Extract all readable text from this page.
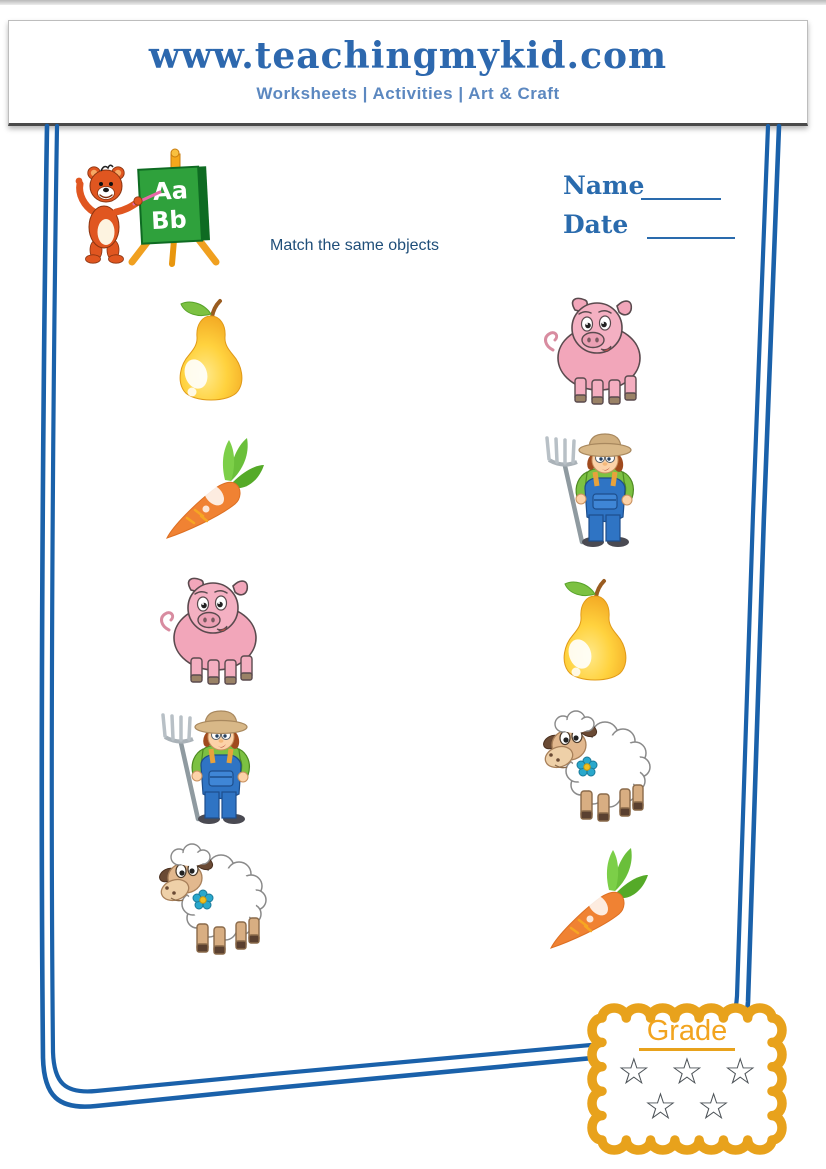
www.teachingmykid.com
Worksheets | Activities | Art & Craft
Aa
Bb
Name
Date
Match the same objects
Grade
☆ ☆ ☆
☆ ☆
